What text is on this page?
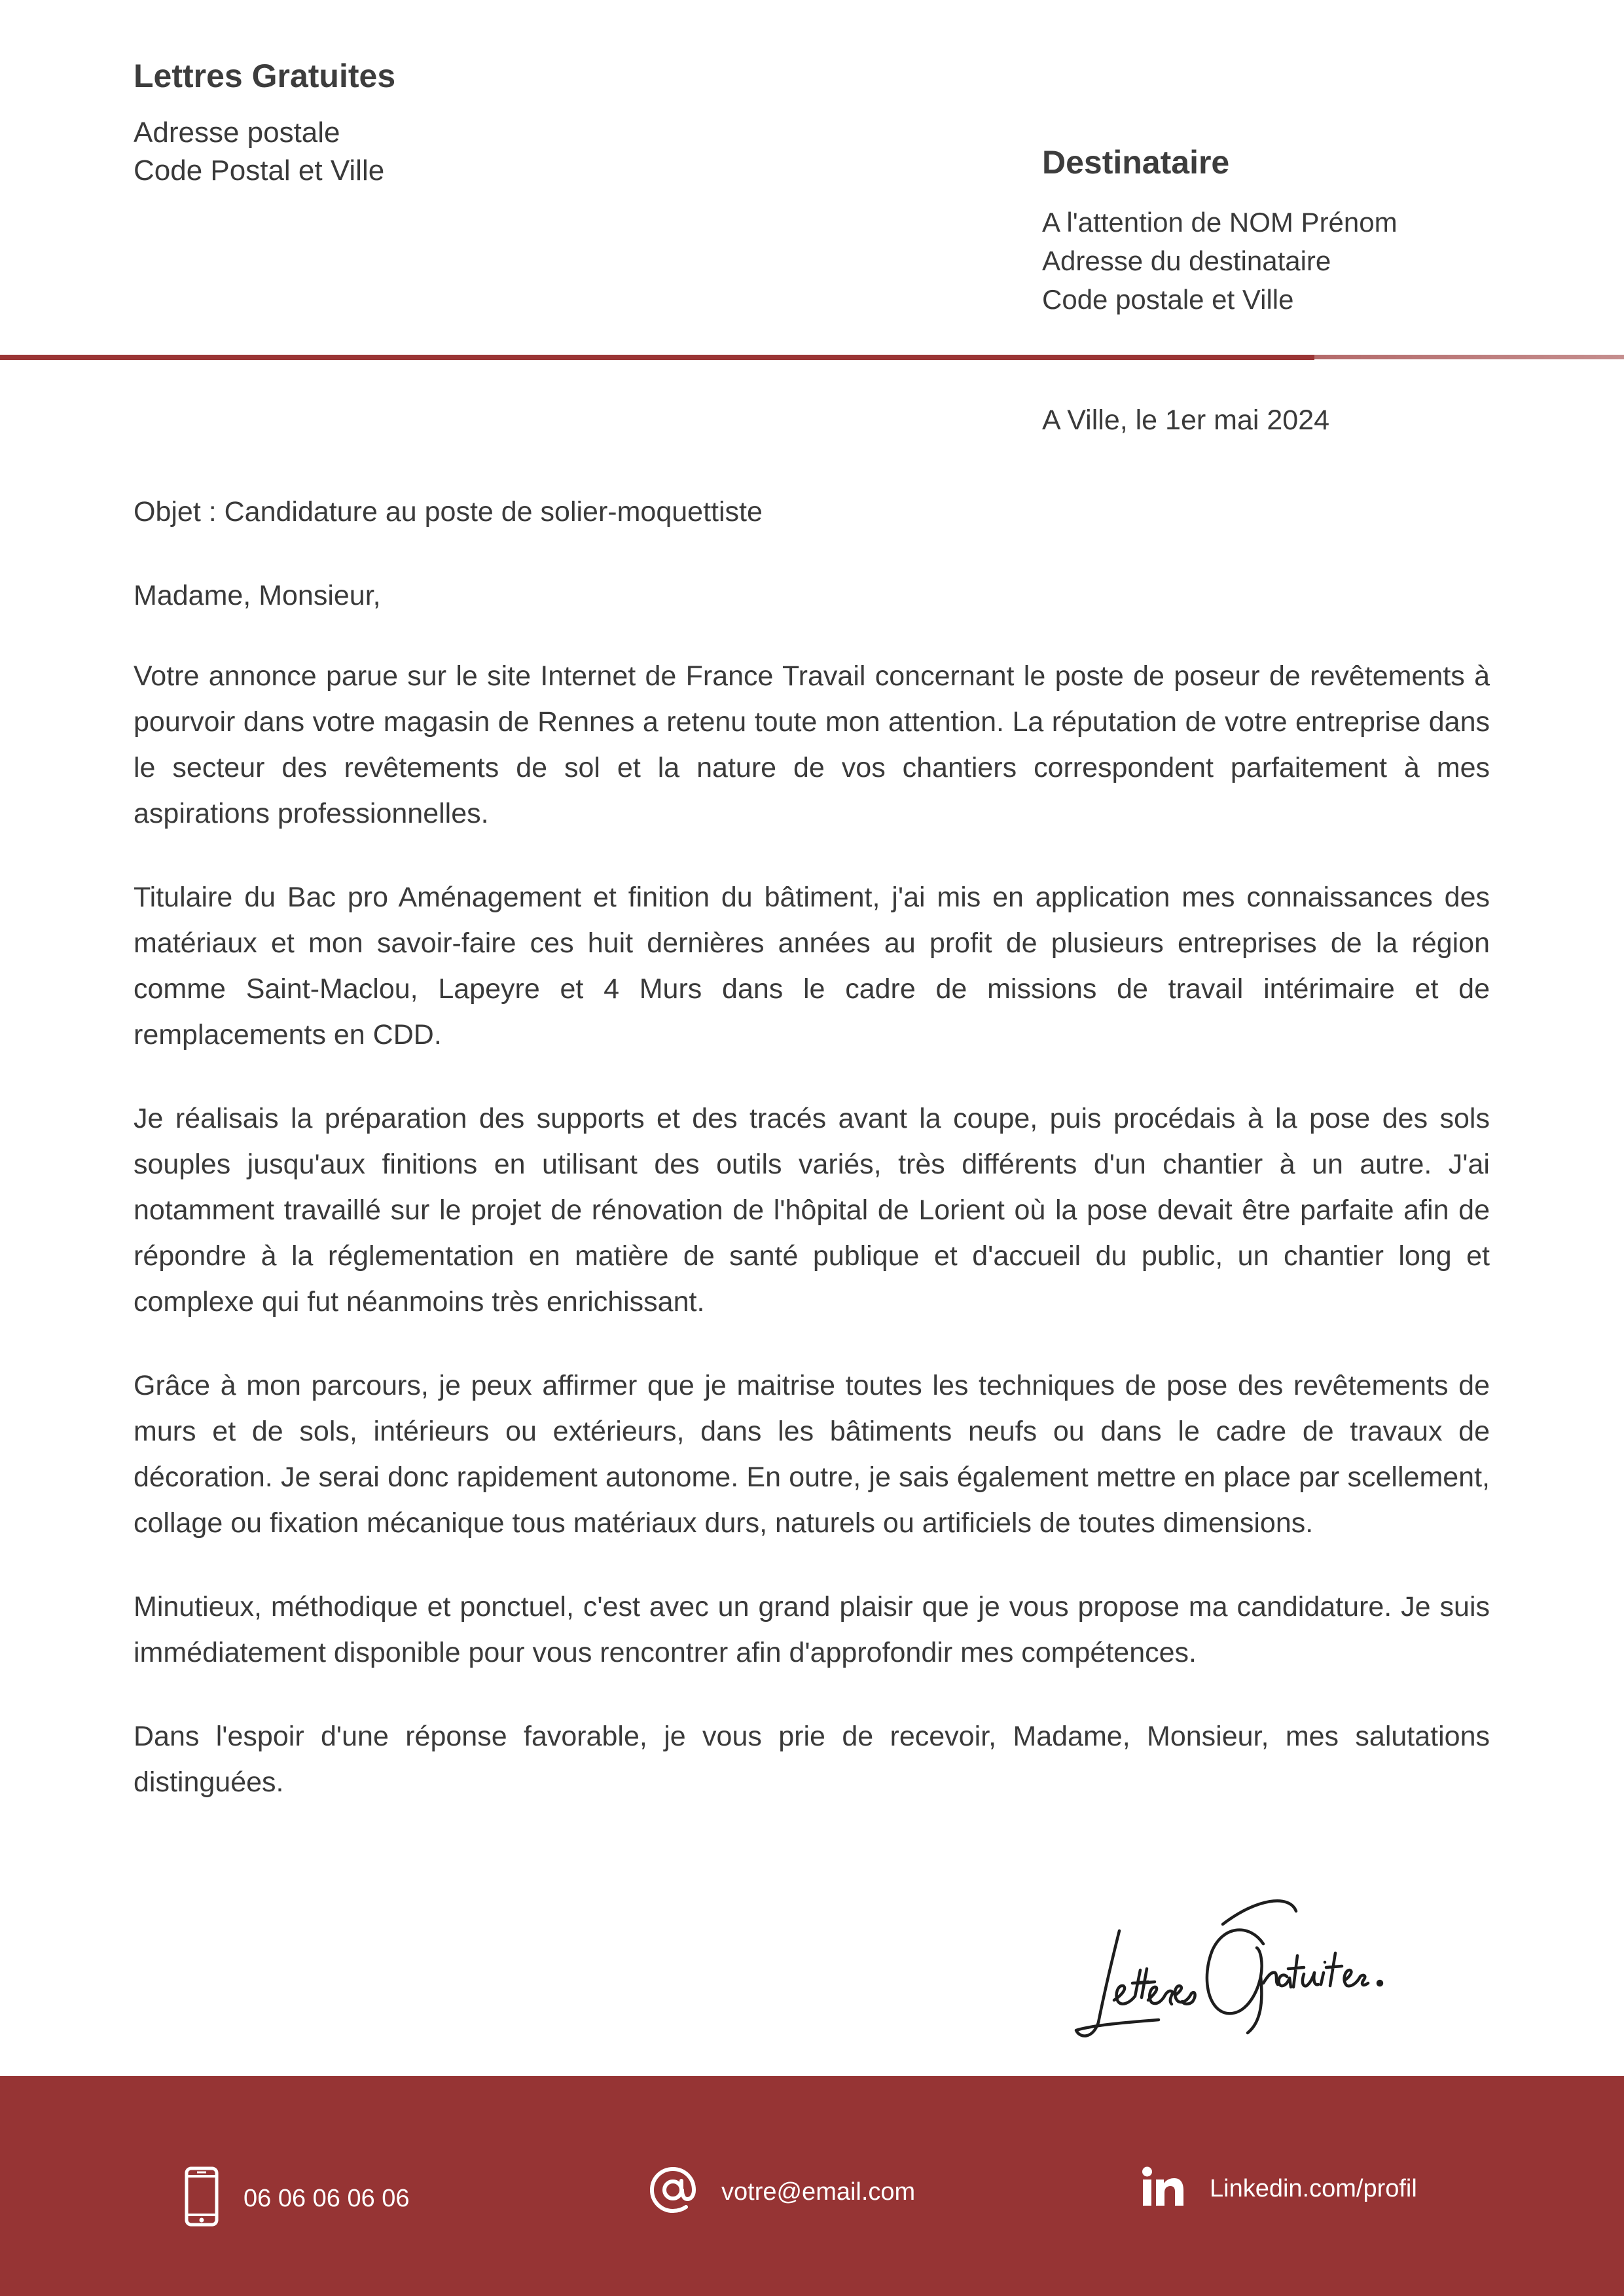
Lettres Gratuites
Adresse postale
Code Postal et Ville	Destinataire
A l'attention de NOM Prénom
Adresse du destinataire
Code postale et Ville
A Ville, le 1er mai 2024
Objet : Candidature au poste de solier-moquettiste
Madame, Monsieur,

Votre annonce parue sur le site Internet de France Travail concernant le poste de poseur de revêtements à pourvoir dans votre magasin de Rennes a retenu toute mon attention. La réputation de votre entreprise dans le secteur des revêtements de sol et la nature de vos chantiers correspondent parfaitement à mes aspirations professionnelles.

Titulaire du Bac pro Aménagement et finition du bâtiment, j'ai mis en application mes connaissances des matériaux et mon savoir-faire ces huit dernières années au profit de plusieurs entreprises de la région comme Saint-Maclou, Lapeyre et 4 Murs dans le cadre de missions de travail intérimaire et de remplacements en CDD.

Je réalisais la préparation des supports et des tracés avant la coupe, puis procédais à la pose des sols souples jusqu'aux finitions en utilisant des outils variés, très différents d'un chantier à un autre. J'ai notamment travaillé sur le projet de rénovation de l'hôpital de Lorient où la pose devait être parfaite afin de répondre à la réglementation en matière de santé publique et d'accueil du public, un chantier long et complexe qui fut néanmoins très enrichissant.

Grâce à mon parcours, je peux affirmer que je maitrise toutes les techniques de pose des revêtements de murs et de sols, intérieurs ou extérieurs, dans les bâtiments neufs ou dans le cadre de travaux de décoration. Je serai donc rapidement autonome. En outre, je sais également mettre en place par scellement, collage ou fixation mécanique tous matériaux durs, naturels ou artificiels de toutes dimensions.

Minutieux, méthodique et ponctuel, c'est avec un grand plaisir que je vous propose ma candidature. Je suis immédiatement disponible pour vous rencontrer afin d'approfondir mes compétences.

Dans l'espoir d'une réponse favorable, je vous prie de recevoir, Madame, Monsieur, mes salutations distinguées.

06 06 06 06 06	votre@email.com	Linkedin.com/profil
